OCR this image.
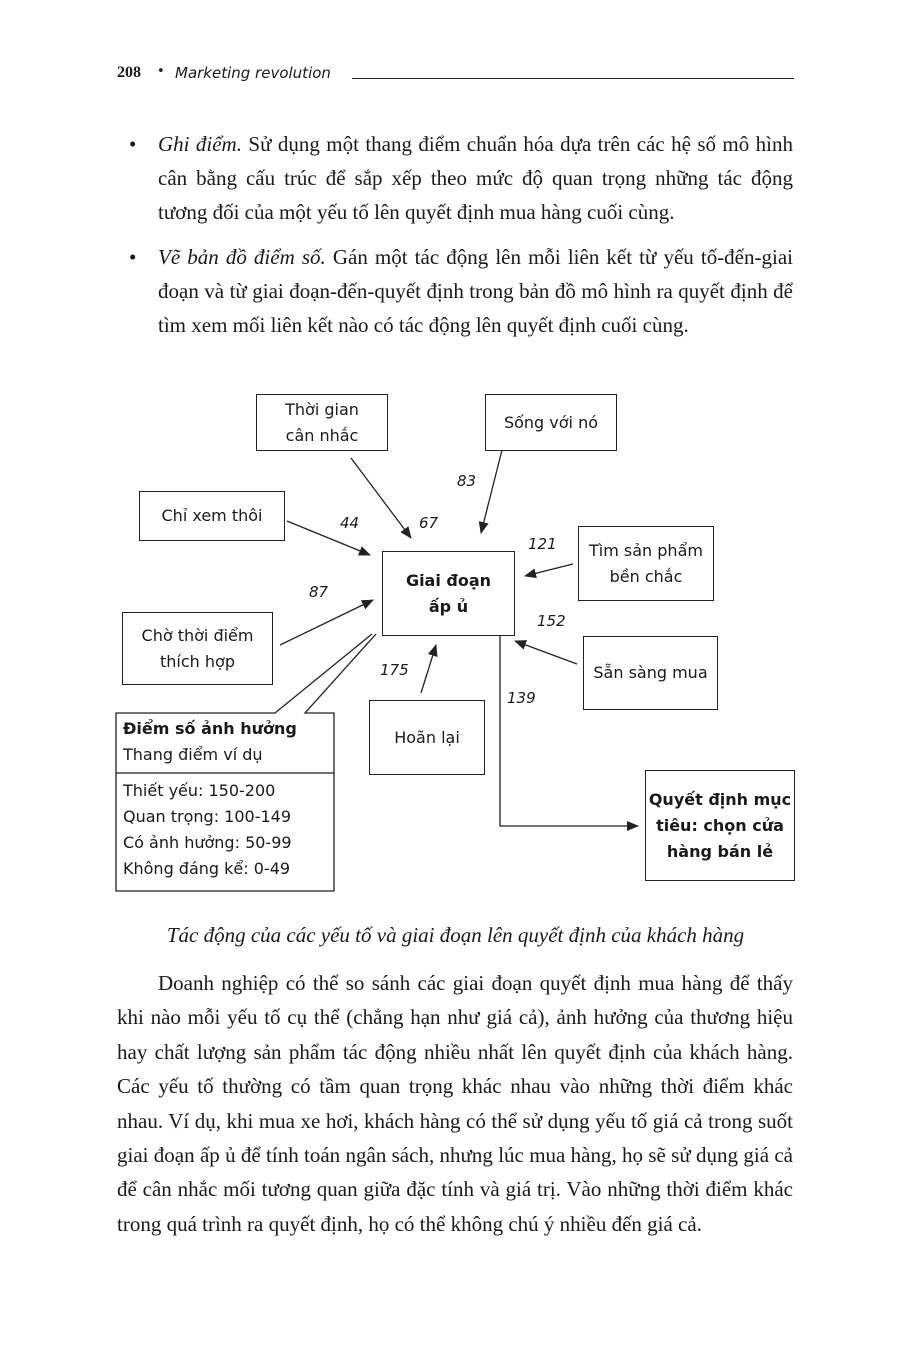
208 • Marketing revolution
• Ghi điểm. Sử dụng một thang điểm chuẩn hóa dựa trên các hệ số mô hình cân bằng cấu trúc để sắp xếp theo mức độ quan trọng những tác động tương đối của một yếu tố lên quyết định mua hàng cuối cùng.
• Vẽ bản đồ điểm số. Gán một tác động lên mỗi liên kết từ yếu tố-đến-giai đoạn và từ giai đoạn-đến-quyết định trong bản đồ mô hình ra quyết định để tìm xem mối liên kết nào có tác động lên quyết định cuối cùng.
Thời gian
cân nhắc
Sống với nó
Chỉ xem thôi
Giai đoạn
ấp ủ
Tìm sản phẩm
bền chắc
Chờ thời điểm
thích hợp
Sẵn sàng mua
Hoãn lại
Quyết định mục
tiêu: chọn cửa
hàng bán lẻ
83
44	67
121
87
152
175
139
Điểm số ảnh hưởng
Thang điểm ví dụ
Thiết yếu: 150-200
Quan trọng: 100-149
Có ảnh hưởng: 50-99
Không đáng kể: 0-49
Tác động của các yếu tố và giai đoạn lên quyết định của khách hàng

Doanh nghiệp có thể so sánh các giai đoạn quyết định mua hàng để thấy khi nào mỗi yếu tố cụ thể (chẳng hạn như giá cả), ảnh hưởng của thương hiệu hay chất lượng sản phẩm tác động nhiều nhất lên quyết định của khách hàng. Các yếu tố thường có tầm quan trọng khác nhau vào những thời điểm khác nhau. Ví dụ, khi mua xe hơi, khách hàng có thể sử dụng yếu tố giá cả trong suốt giai đoạn ấp ủ để tính toán ngân sách, nhưng lúc mua hàng, họ sẽ sử dụng giá cả để cân nhắc mối tương quan giữa đặc tính và giá trị. Vào những thời điểm khác trong quá trình ra quyết định, họ có thể không chú ý nhiều đến giá cả.
